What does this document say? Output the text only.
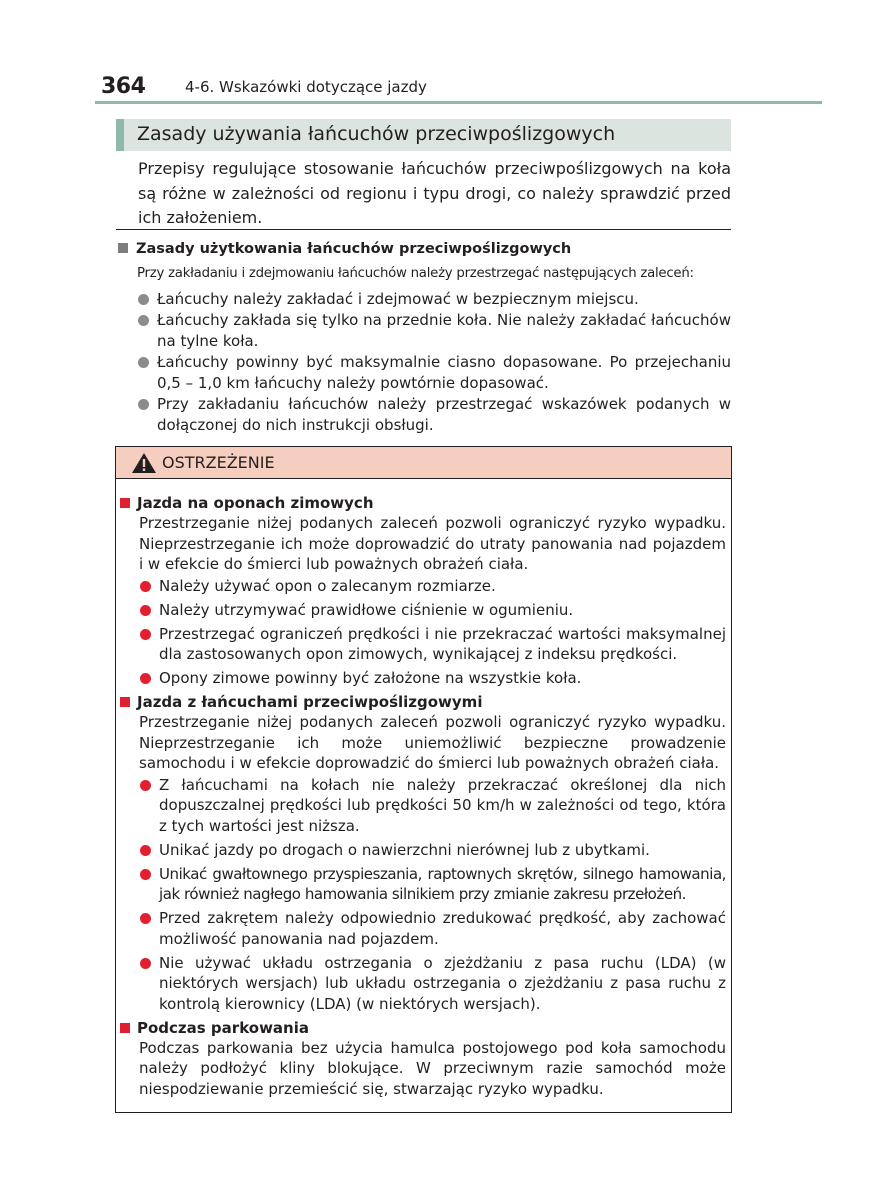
364	4-6. Wskazówki dotyczące jazdy
Zasady używania łańcuchów przeciwpoślizgowych

Przepisy regulujące stosowanie łańcuchów przeciwpoślizgowych na koła są różne w zależności od regionu i typu drogi, co należy sprawdzić przed ich założeniem.

Zasady użytkowania łańcuchów przeciwpoślizgowych
Przy zakładaniu i zdejmowaniu łańcuchów należy przestrzegać następujących zaleceń:
Łańcuchy należy zakładać i zdejmować w bezpiecznym miejscu.
Łańcuchy zakłada się tylko na przednie koła. Nie należy zakładać łańcuchów na tylne koła.
Łańcuchy powinny być maksymalnie ciasno dopasowane. Po przejechaniu 0,5 – 1,0 km łańcuchy należy powtórnie dopasować.
Przy zakładaniu łańcuchów należy przestrzegać wskazówek podanych w dołączonej do nich instrukcji obsługi.
OSTRZEŻENIE
Jazda na oponach zimowych

Przestrzeganie niżej podanych zaleceń pozwoli ograniczyć ryzyko wypadku. Nieprzestrzeganie ich może doprowadzić do utraty panowania nad pojazdem i w efekcie do śmierci lub poważnych obrażeń ciała.

Należy używać opon o zalecanym rozmiarze.
Należy utrzymywać prawidłowe ciśnienie w ogumieniu.
Przestrzegać ograniczeń prędkości i nie przekraczać wartości maksymalnej dla zastosowanych opon zimowych, wynikającej z indeksu prędkości.
Opony zimowe powinny być założone na wszystkie koła.
Jazda z łańcuchami przeciwpoślizgowymi

Przestrzeganie niżej podanych zaleceń pozwoli ograniczyć ryzyko wypadku. Nieprzestrzeganie ich może uniemożliwić bezpieczne prowadzenie samochodu i w efekcie doprowadzić do śmierci lub poważnych obrażeń ciała.

Z łańcuchami na kołach nie należy przekraczać określonej dla nich dopuszczalnej prędkości lub prędkości 50 km/h w zależności od tego, która z tych wartości jest niższa.
Unikać jazdy po drogach o nawierzchni nierównej lub z ubytkami.
Unikać gwałtownego przyspieszania, raptownych skrętów, silnego hamowania, jak również nagłego hamowania silnikiem przy zmianie zakresu przełożeń.
Przed zakrętem należy odpowiednio zredukować prędkość, aby zachować możliwość panowania nad pojazdem.
Nie używać układu ostrzegania o zjeżdżaniu z pasa ruchu (LDA) (w niektórych wersjach) lub układu ostrzegania o zjeżdżaniu z pasa ruchu z kontrolą kierownicy (LDA) (w niektórych wersjach).
Podczas parkowania

Podczas parkowania bez użycia hamulca postojowego pod koła samochodu należy podłożyć kliny blokujące. W przeciwnym razie samochód może niespodziewanie przemieścić się, stwarzając ryzyko wypadku.
